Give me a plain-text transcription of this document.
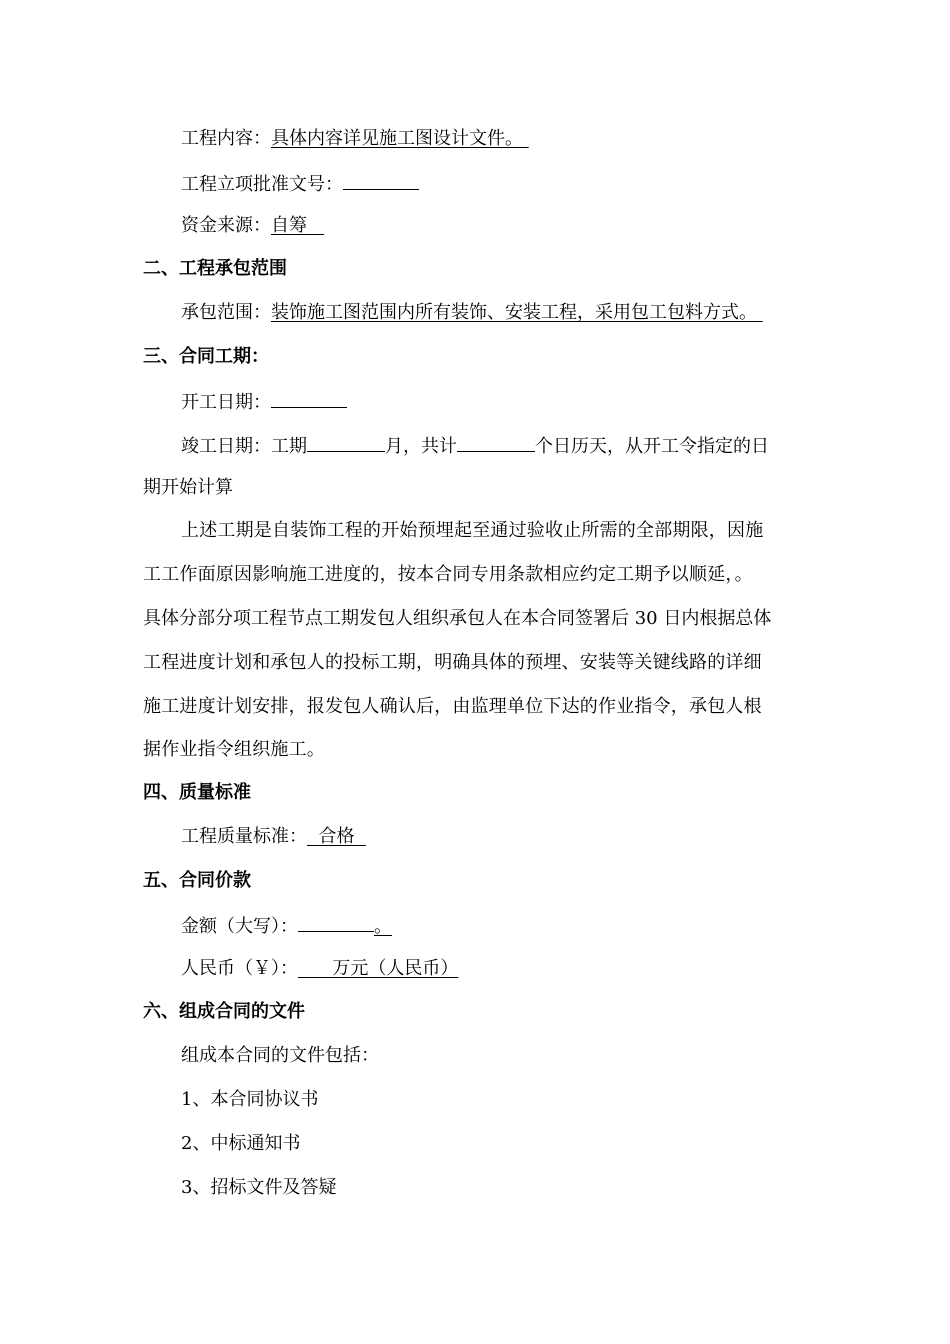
工程内容：具体内容详见施工图设计文件。
工程立项批准文号：
资金来源：自筹
二、工程承包范围
承包范围：装饰施工图范围内所有装饰、安装工程，采用包工包料方式。
三、合同工期：
开工日期：
竣工日期：工期	月，共计	个日历天，从开工令指定的日
期开始计算
上述工期是自装饰工程的开始预埋起至通过验收止所需的全部期限，因施
工工作面原因影响施工进度的，按本合同专用条款相应约定工期予以顺延，。
具体分部分项工程节点工期发包人组织承包人在本合同签署后 30 日内根据总体
工程进度计划和承包人的投标工期，明确具体的预埋、安装等关键线路的详细
施工进度计划安排，报发包人确认后，由监理单位下达的作业指令，承包人根
据作业指令组织施工。
四、质量标准
工程质量标准： 合格
五、合同价款
金额（大写）：	。
人民币（￥）： 万元（人民币）
六、组成合同的文件
组成本合同的文件包括：
1、本合同协议书
2、中标通知书
3、招标文件及答疑
